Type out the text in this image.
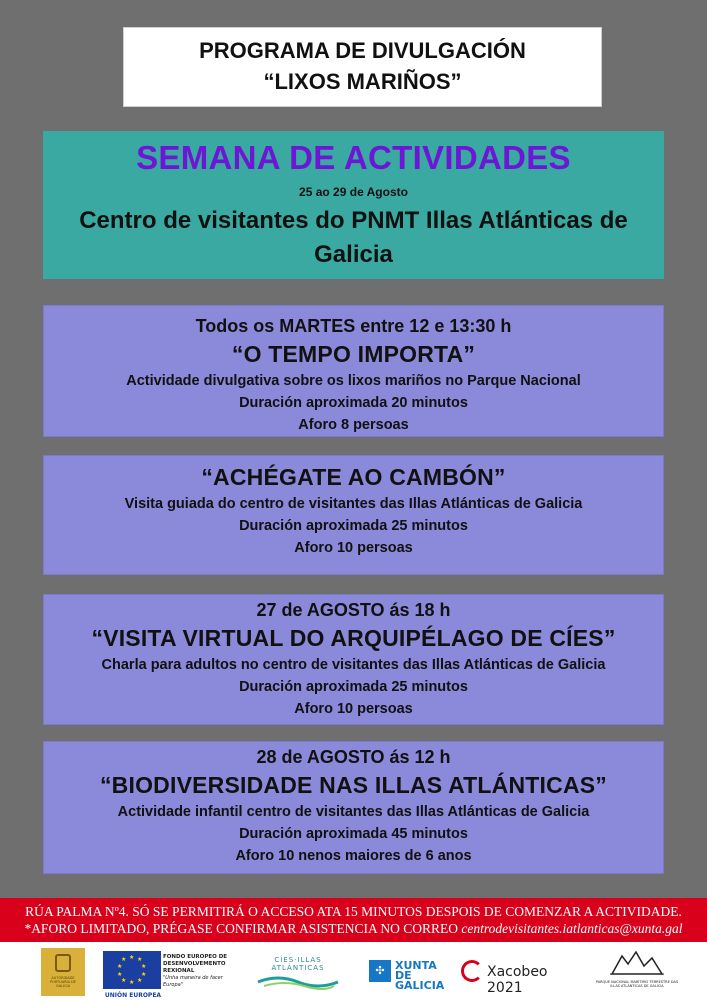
PROGRAMA DE DIVULGACIÓN
“LIXOS MARIÑOS”
SEMANA DE ACTIVIDADES
25 ao 29 de Agosto
Centro de visitantes do PNMT Illas Atlánticas de
Galicia
Todos os MARTES entre 12 e 13:30 h
“O TEMPO IMPORTA”
Actividade divulgativa sobre os lixos mariños no Parque Nacional
Duración aproximada 20 minutos
Aforo 8 persoas
“ACHÉGATE AO CAMBÓN”
Visita guiada do centro de visitantes das Illas Atlánticas de Galicia
Duración aproximada 25 minutos
Aforo 10 persoas
27 de AGOSTO ás 18 h
“VISITA VIRTUAL DO ARQUIPÉLAGO DE CÍES”
Charla para adultos no centro de visitantes das Illas Atlánticas de Galicia
Duración aproximada 25 minutos
Aforo 10 persoas
28 de AGOSTO ás 12 h
“BIODIVERSIDADE NAS ILLAS ATLÁNTICAS”
Actividade infantil centro de visitantes das Illas Atlánticas de Galicia
Duración aproximada 45 minutos
Aforo 10 nenos maiores de 6 anos
RÚA PALMA Nº4. SÓ SE PERMITIRÁ O ACCESO ATA 15 MINUTOS DESPOIS DE COMENZAR A ACTIVIDADE.
*AFORO LIMITADO, PRÉGASE CONFIRMAR ASISTENCIA NO CORREO centrodevisitantes.iatlanticas@xunta.gal
AUTORIDADE PORTUARIA DE GALICIA
★ ★
★
★
★
★
★
★
★
★
UNIÓN EUROPEA
FONDO EUROPEO DE
DESENVOLVEMENTO
REXIONAL
"Unha maneira de facer Europa"
CÍES·ILLAS ATLÁNTICAS	✣ XUNTA DE GALICIA
Xacobeo 2021	PARQUE NACIONAL MARÍTIMO TERRESTRE DAS ILLAS ATLÁNTICAS DE GALICIA
